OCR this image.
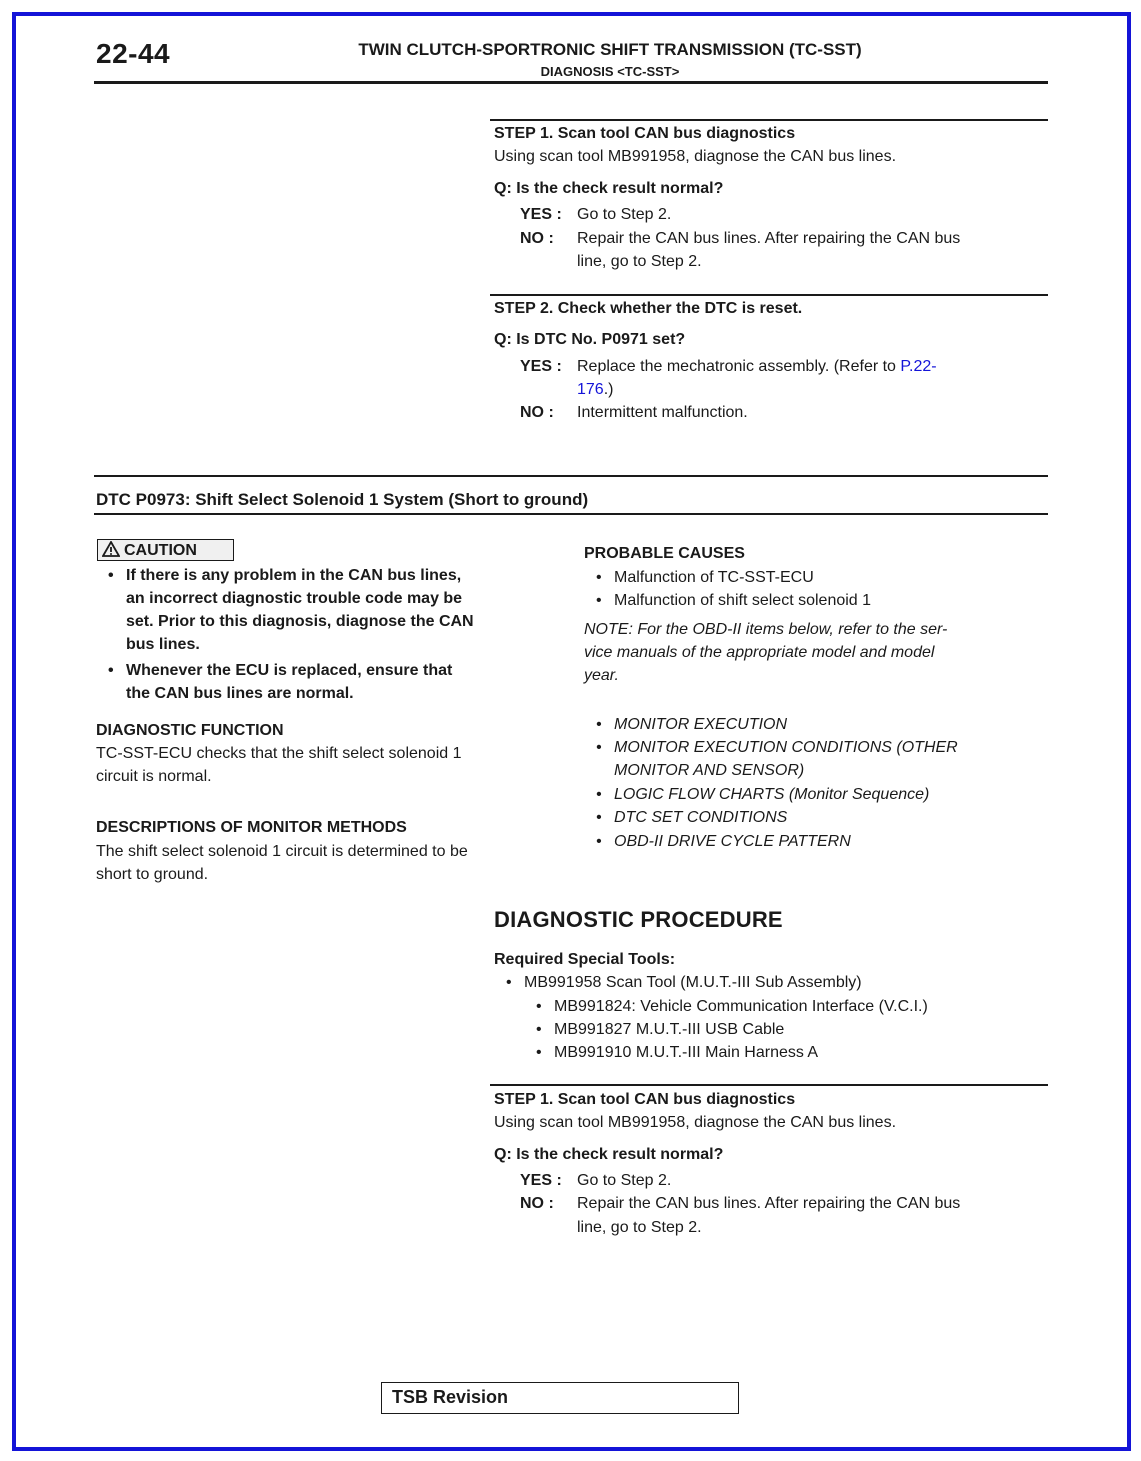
22-44	TWIN CLUTCH-SPORTRONIC SHIFT TRANSMISSION (TC-SST)
DIAGNOSIS <TC-SST>
STEP 1. Scan tool CAN bus diagnostics
Using scan tool MB991958, diagnose the CAN bus lines.
Q: Is the check result normal?
YES : Go to Step 2.
NO : Repair the CAN bus lines. After repairing the CAN bus
line, go to Step 2.
STEP 2. Check whether the DTC is reset.
Q: Is DTC No. P0971 set?
YES : Replace the mechatronic assembly. (Refer to P.22-
176.)
NO : Intermittent malfunction.
DTC P0973: Shift Select Solenoid 1 System (Short to ground)
CAUTION
• If there is any problem in the CAN bus lines,
an incorrect diagnostic trouble code may be
set. Prior to this diagnosis, diagnose the CAN
bus lines.
• Whenever the ECU is replaced, ensure that
the CAN bus lines are normal.
DIAGNOSTIC FUNCTION
TC-SST-ECU checks that the shift select solenoid 1
circuit is normal.
DESCRIPTIONS OF MONITOR METHODS
The shift select solenoid 1 circuit is determined to be
short to ground.
PROBABLE CAUSES
• Malfunction of TC-SST-ECU
• Malfunction of shift select solenoid 1
NOTE: For the OBD-II items below, refer to the ser-
vice manuals of the appropriate model and model
year.
• MONITOR EXECUTION
• MONITOR EXECUTION CONDITIONS (OTHER
MONITOR AND SENSOR)
• LOGIC FLOW CHARTS (Monitor Sequence)
• DTC SET CONDITIONS
• OBD-II DRIVE CYCLE PATTERN
DIAGNOSTIC PROCEDURE
Required Special Tools:
• MB991958 Scan Tool (M.U.T.-III Sub Assembly)
• MB991824: Vehicle Communication Interface (V.C.I.)
• MB991827 M.U.T.-III USB Cable
• MB991910 M.U.T.-III Main Harness A
STEP 1. Scan tool CAN bus diagnostics
Using scan tool MB991958, diagnose the CAN bus lines.
Q: Is the check result normal?
YES : Go to Step 2.
NO : Repair the CAN bus lines. After repairing the CAN bus
line, go to Step 2.
TSB Revision
